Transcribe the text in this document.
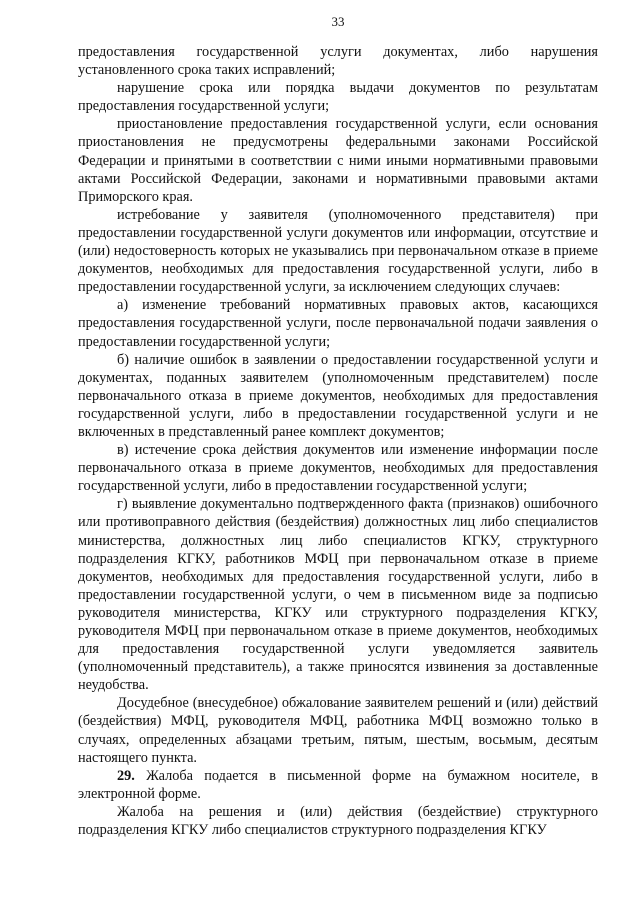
33

предоставления государственной услуги документах, либо нарушения установленного срока таких исправлений;

нарушение срока или порядка выдачи документов по результатам предоставления государственной услуги;

приостановление предоставления государственной услуги, если основания приостановления не предусмотрены федеральными законами Российской Федерации и принятыми в соответствии с ними иными нормативными правовыми актами Российской Федерации, законами и нормативными правовыми актами Приморского края.

истребование у заявителя (уполномоченного представителя) при предоставлении государственной услуги документов или информации, отсутствие и (или) недостоверность которых не указывались при первоначальном отказе в приеме документов, необходимых для предоставления государственной услуги, либо в предоставлении государственной услуги, за исключением следующих случаев:

а) изменение требований нормативных правовых актов, касающихся предоставления государственной услуги, после первоначальной подачи заявления о предоставлении государственной услуги;

б) наличие ошибок в заявлении о предоставлении государственной услуги и документах, поданных заявителем (уполномоченным представителем) после первоначального отказа в приеме документов, необходимых для предоставления государственной услуги, либо в предоставлении государственной услуги и не включенных в представленный ранее комплект документов;

в) истечение срока действия документов или изменение информации после первоначального отказа в приеме документов, необходимых для предоставления государственной услуги, либо в предоставлении государственной услуги;

г) выявление документально подтвержденного факта (признаков) ошибочного или противоправного действия (бездействия) должностных лиц либо специалистов министерства, должностных лиц либо специалистов КГКУ, структурного подразделения КГКУ, работников МФЦ при первоначальном отказе в приеме документов, необходимых для предоставления государственной услуги, либо в предоставлении государственной услуги, о чем в письменном виде за подписью руководителя министерства, КГКУ или структурного подразделения КГКУ, руководителя МФЦ при первоначальном отказе в приеме документов, необходимых для предоставления государственной услуги уведомляется заявитель (уполномоченный представитель), а также приносятся извинения за доставленные неудобства.

Досудебное (внесудебное) обжалование заявителем решений и (или) действий (бездействия) МФЦ, руководителя МФЦ, работника МФЦ возможно только в случаях, определенных абзацами третьим, пятым, шестым, восьмым, десятым настоящего пункта.

29. Жалоба подается в письменной форме на бумажном носителе, в электронной форме.

Жалоба на решения и (или) действия (бездействие) структурного подразделения КГКУ либо специалистов структурного подразделения КГКУ
